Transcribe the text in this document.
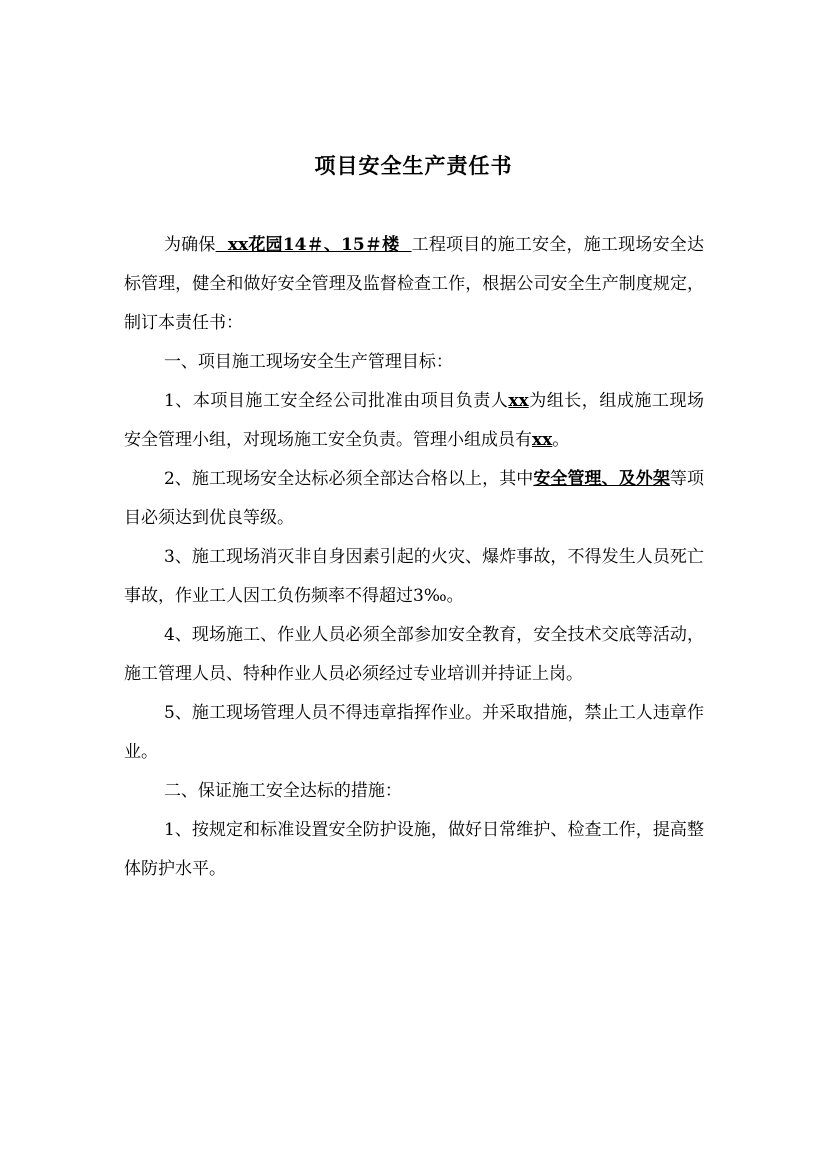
项目安全生产责任书

为确保  xx花园14＃、15＃楼  工程项目的施工安全，施工现场安全达标管理，健全和做好安全管理及监督检查工作，根据公司安全生产制度规定，制订本责任书：

一、项目施工现场安全生产管理目标：

1、本项目施工安全经公司批准由项目负责人xx为组长，组成施工现场安全管理小组，对现场施工安全负责。管理小组成员有xx。

2、施工现场安全达标必须全部达合格以上，其中安全管理、及外架等项目必须达到优良等级。

3、施工现场消灭非自身因素引起的火灾、爆炸事故，不得发生人员死亡事故，作业工人因工负伤频率不得超过3‰。

4、现场施工、作业人员必须全部参加安全教育，安全技术交底等活动，施工管理人员、特种作业人员必须经过专业培训并持证上岗。

5、施工现场管理人员不得违章指挥作业。并采取措施，禁止工人违章作业。

二、保证施工安全达标的措施：

1、按规定和标准设置安全防护设施，做好日常维护、检查工作，提高整体防护水平。
